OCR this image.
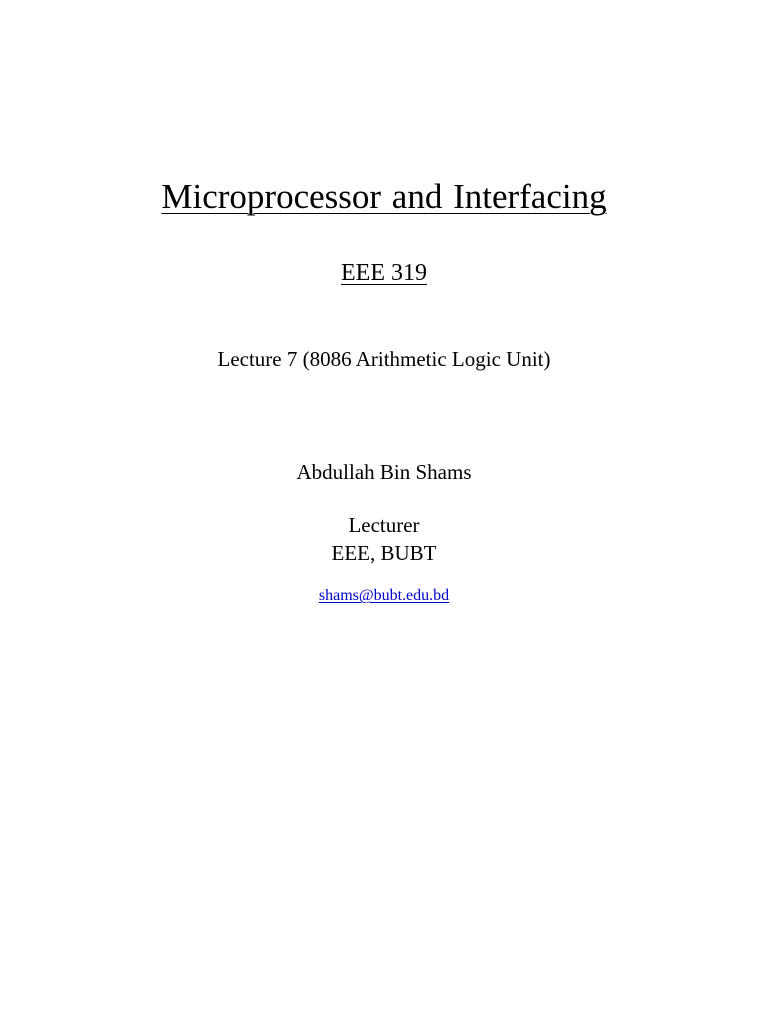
Microprocessor and Interfacing
EEE 319
Lecture 7 (8086 Arithmetic Logic Unit)
Abdullah Bin Shams
Lecturer
EEE, BUBT
shams@bubt.edu.bd
